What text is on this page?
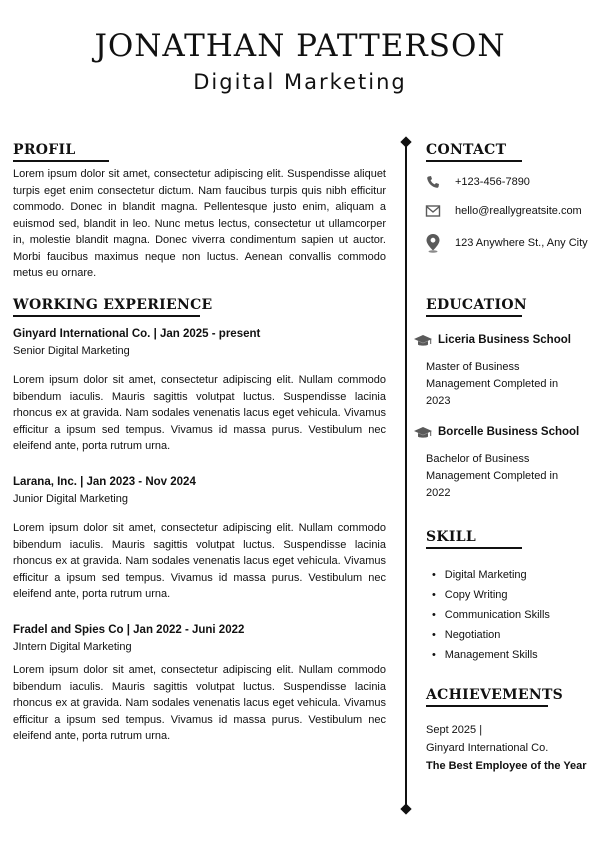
JONATHAN PATTERSON
Digital Marketing
PROFIL
Lorem ipsum dolor sit amet, consectetur adipiscing elit. Suspendisse aliquet turpis eget enim consectetur dictum. Nam faucibus turpis quis nibh efficitur commodo. Donec in blandit magna. Pellentesque justo enim, aliquam a euismod sed, blandit in leo. Nunc metus lectus, consectetur ut ullamcorper in, molestie blandit magna. Donec viverra condimentum sapien ut auctor. Morbi faucibus maximus neque non luctus. Aenean convallis commodo metus eu ornare.
WORKING EXPERIENCE
Ginyard International Co. | Jan 2025 - present
Senior Digital Marketing
Lorem ipsum dolor sit amet, consectetur adipiscing elit. Nullam commodo bibendum iaculis. Mauris sagittis volutpat luctus. Suspendisse lacinia rhoncus ex at gravida. Nam sodales venenatis lacus eget vehicula. Vivamus efficitur a ipsum sed tempus. Vivamus id massa purus. Vestibulum nec eleifend ante, porta rutrum urna.
Larana, Inc. | Jan 2023 - Nov 2024
Junior Digital Marketing
Lorem ipsum dolor sit amet, consectetur adipiscing elit. Nullam commodo bibendum iaculis. Mauris sagittis volutpat luctus. Suspendisse lacinia rhoncus ex at gravida. Nam sodales venenatis lacus eget vehicula. Vivamus efficitur a ipsum sed tempus. Vivamus id massa purus. Vestibulum nec eleifend ante, porta rutrum urna.
Fradel and Spies Co | Jan 2022 - Juni 2022
JIntern Digital Marketing
Lorem ipsum dolor sit amet, consectetur adipiscing elit. Nullam commodo bibendum iaculis. Mauris sagittis volutpat luctus. Suspendisse lacinia rhoncus ex at gravida. Nam sodales venenatis lacus eget vehicula. Vivamus efficitur a ipsum sed tempus. Vivamus id massa purus. Vestibulum nec eleifend ante, porta rutrum urna.
CONTACT
+123-456-7890
hello@reallygreatsite.com
123 Anywhere St., Any City
EDUCATION
Liceria Business School
Master of Business Management Completed in 2023
Borcelle Business School
Bachelor of Business Management Completed in 2022
SKILL
• Digital Marketing
• Copy Writing
• Communication Skills
• Negotiation
• Management Skills
ACHIEVEMENTS
Sept 2025 |
Ginyard International Co.
The Best Employee of the Year
